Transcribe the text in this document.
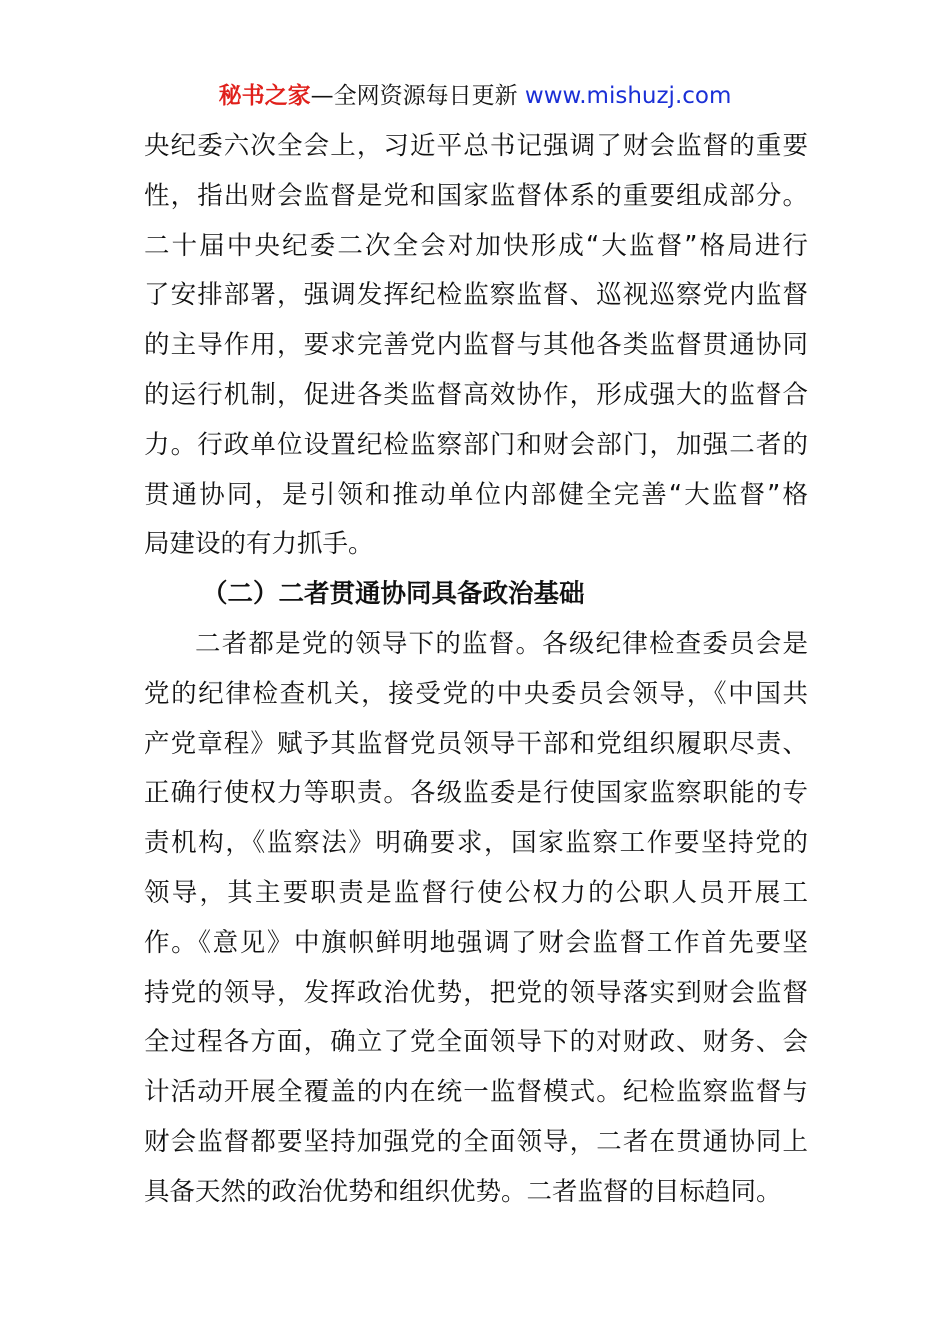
秘书之家—全网资源每日更新 www.mishuzj.com
央纪委六次全会上，习近平总书记强调了财会监督的重要
性，指出财会监督是党和国家监督体系的重要组成部分。
二十届中央纪委二次全会对加快形成“大监督”格局进行
了安排部署，强调发挥纪检监察监督、巡视巡察党内监督
的主导作用，要求完善党内监督与其他各类监督贯通协同
的运行机制，促进各类监督高效协作，形成强大的监督合
力。行政单位设置纪检监察部门和财会部门，加强二者的
贯通协同，是引领和推动单位内部健全完善“大监督”格
局建设的有力抓手。
（二）二者贯通协同具备政治基础
二者都是党的领导下的监督。各级纪律检查委员会是
党的纪律检查机关，接受党的中央委员会领导，《中国共
产党章程》赋予其监督党员领导干部和党组织履职尽责、
正确行使权力等职责。各级监委是行使国家监察职能的专
责机构，《监察法》明确要求，国家监察工作要坚持党的
领导，其主要职责是监督行使公权力的公职人员开展工
作。《意见》中旗帜鲜明地强调了财会监督工作首先要坚
持党的领导，发挥政治优势，把党的领导落实到财会监督
全过程各方面，确立了党全面领导下的对财政、财务、会
计活动开展全覆盖的内在统一监督模式。纪检监察监督与
财会监督都要坚持加强党的全面领导，二者在贯通协同上
具备天然的政治优势和组织优势。二者监督的目标趋同。
